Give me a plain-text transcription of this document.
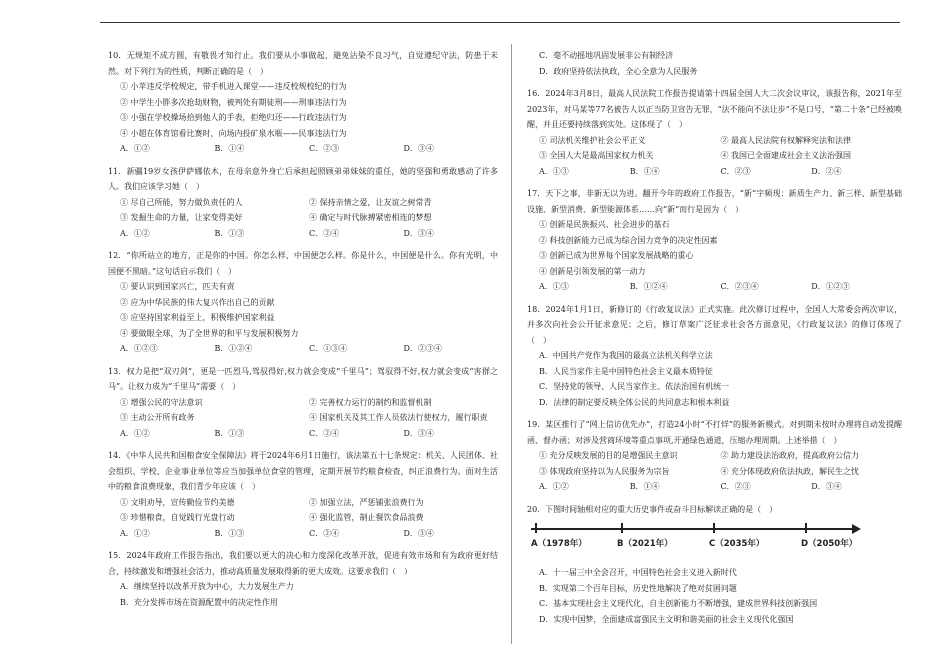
10．无规矩不成方圆，有敬畏才知行止。我们要从小事做起，避免沾染不良习气，自觉遵纪守法，防患于未然。对下列行为的性质，判断正确的是（　）
① 小苹违反学校规定，带手机进入课堂——违反校规校纪的行为
② 中学生小胖多次抢劫财物，被判处有期徒刑——刑事违法行为
③ 小强在学校操场拾到他人的手表，拒绝归还——行政违法行为
④ 小超在体育馆看比赛时，向场内投矿泉水瓶——民事违法行为
A．①②	B．①④	C．②③	D．③④
11．新疆19岁女孩伊萨娜依木，在母亲意外身亡后承担起照顾弟弟妹妹的重任，她的坚强和勇敢感动了许多人。我们应该学习她（　）
① 尽自己所能，努力做负责任的人	② 保持亲情之爱，让友谊之树常青
③ 发掘生命的力量，让家变得美好	④ 确定与时代脉搏紧密相连的梦想
A．①②	B．①③	C．②④	D．③④
12．“你所站立的地方，正是你的中国。你怎么样，中国便怎么样。你是什么，中国便是什么。你有光明，中国便不黑暗。”这句话启示我们（　）
① 要认识到国家兴亡，匹夫有责
② 应为中华民族的伟大复兴作出自己的贡献
③ 应坚持国家利益至上，积极维护国家利益
④ 要做眼全球，为了全世界的和平与发展积极努力
A．①②③	B．①②④	C．①③④	D．②③④
13．权力是把“双刃剑”，更是一匹烈马,驾驭得好,权力就会变成“千里马”；驾驭得不好,权力就会变成“害群之马”。让权力成为“千里马”需要（　）
① 增强公民的守法意识	② 完善权力运行的制约和监督机制
③ 主动公开所有政务	④ 国家机关及其工作人员依法行使权力，履行职责
A．①②	B．①③	C．②④	D．③④
14．《中华人民共和国粮食安全保障法》将于2024年6月1日施行，该法第五十七条规定：机关、人民团体、社会组织、学校、企业事业单位等应当加强单位食堂的管理，定期开展节约粮食检查，纠正浪费行为。面对生活中的粮食浪费现象，我们青少年应该（　）
① 文明劝导，宣传勤俭节约美德	② 加强立法，严惩铺张浪费行为
③ 珍惜粮食，自觉践行光盘行动	④ 强化监管，制止餐饮食品浪费
A．①②	B．①③	C．②④	D．③④
15．2024年政府工作报告指出，我们要以更大的决心和力度深化改革开放，促进有效市场和有为政府更好结合，持续激发和增强社会活力，推动高质量发展取得新的更大成效。这要求我们（　）
A．继续坚持以改革开放为中心，大力发展生产力
B．充分发挥市场在资源配置中的决定性作用
C．毫不动摇地巩固发展非公有制经济
D．政府坚持依法执政，全心全意为人民服务
16．2024年3月8日，最高人民法院工作报告提请第十四届全国人大二次会议审议，该报告称，2021年至2023年，对马某等77名被告人以正当防卫宣告无罪，“法不能向不法让步”不是口号，“第二十条”已经被唤醒，并且还要持续落到实处。这体现了（　）
① 司法机关维护社会公平正义	② 最高人民法院有权解释宪法和法律
③ 全国人大是最高国家权力机关	④ 我国已全面建成社会主义法治强国
A．①③	B．①④	C．②③	D．②④
17．天下之事，非新无以为进。翻开今年的政府工作报告，“新”字频现：新质生产力、新三样、新型基础设施、新型消费、新型能源体系……向“新”而行是因为（　）
① 创新是民族振兴、社会进步的基石
② 科技创新能力已成为综合国力竞争的决定性因素
③ 创新已成为世界每个国家发展战略的重心
④ 创新是引领发展的第一动力
A．①③	B．①②④	C．②③④	D．①②③
18．2024年1月1日，新修订的《行政复议法》正式实施。此次修订过程中，全国人大常委会两次审议，并多次向社会公开征求意见；之后，修订草案广泛征求社会各方面意见，《行政复议法》的修订体现了（　）
A．中国共产党作为我国的最高立法机关科学立法
B．人民当家作主是中国特色社会主义最本质特征
C．坚持党的领导、人民当家作主、依法治国有机统一
D．法律的制定要反映全体公民的共同意志和根本利益
19．某区推行了“网上信访优先办”，打造24小时“不打烊”的服务新模式。对到期未按时办理将自动发提醒函、督办函；对涉及营商环境等重点事项,开通绿色通道，压缩办理周期。上述举措（　）
① 充分反映发展的目的是增强民主意识	② 助力建设法治政府，提高政府公信力
③ 体现政府坚持以为人民服务为宗旨	④ 充分体现政府依法执政，解民生之忧
A．①②	B．①④	C．②③	D．③④
20．下图时间轴相对应的重大历史事件或奋斗目标解读正确的是（　）
A（1978年）	B（2021年）	C（2035年）	D（2050年）
A．十一届三中全会召开，中国特色社会主义进入新时代
B．实现第二个百年目标，历史性地解决了绝对贫困问题
C．基本实现社会主义现代化，自主创新能力不断增强，建成世界科技创新强国
D．实现中国梦，全面建成富强民主文明和谐美丽的社会主义现代化强国
